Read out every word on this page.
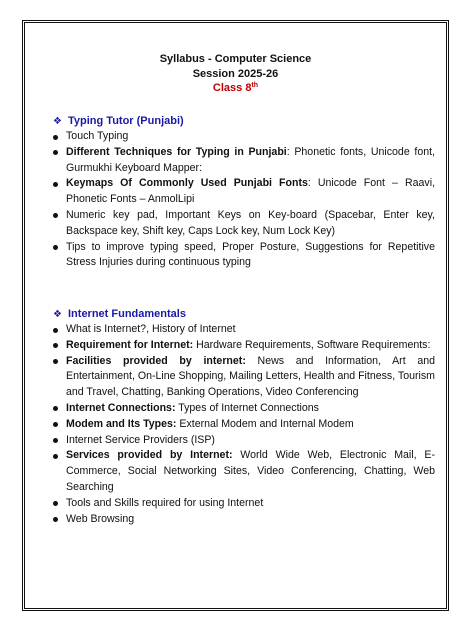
Syllabus - Computer Science
Session 2025-26
Class 8th
❖ Typing Tutor (Punjabi)
Touch Typing
Different Techniques for Typing in Punjabi: Phonetic fonts, Unicode font, Gurmukhi Keyboard Mapper:
Keymaps Of Commonly Used Punjabi Fonts: Unicode Font – Raavi, Phonetic Fonts – AnmolLipi
Numeric key pad, Important Keys on Key-board (Spacebar, Enter key, Backspace key, Shift key, Caps Lock key, Num Lock Key)
Tips to improve typing speed, Proper Posture, Suggestions for Repetitive Stress Injuries during continuous typing
❖ Internet Fundamentals
What is Internet?, History of Internet
Requirement for Internet: Hardware Requirements, Software Requirements:
Facilities provided by internet: News and Information, Art and Entertainment, On-Line Shopping, Mailing Letters, Health and Fitness, Tourism and Travel, Chatting, Banking Operations, Video Conferencing
Internet Connections: Types of Internet Connections
Modem and Its Types: External Modem and Internal Modem
Internet Service Providers (ISP)
Services provided by Internet: World Wide Web, Electronic Mail, E-Commerce, Social Networking Sites, Video Conferencing, Chatting, Web Searching
Tools and Skills required for using Internet
Web Browsing
